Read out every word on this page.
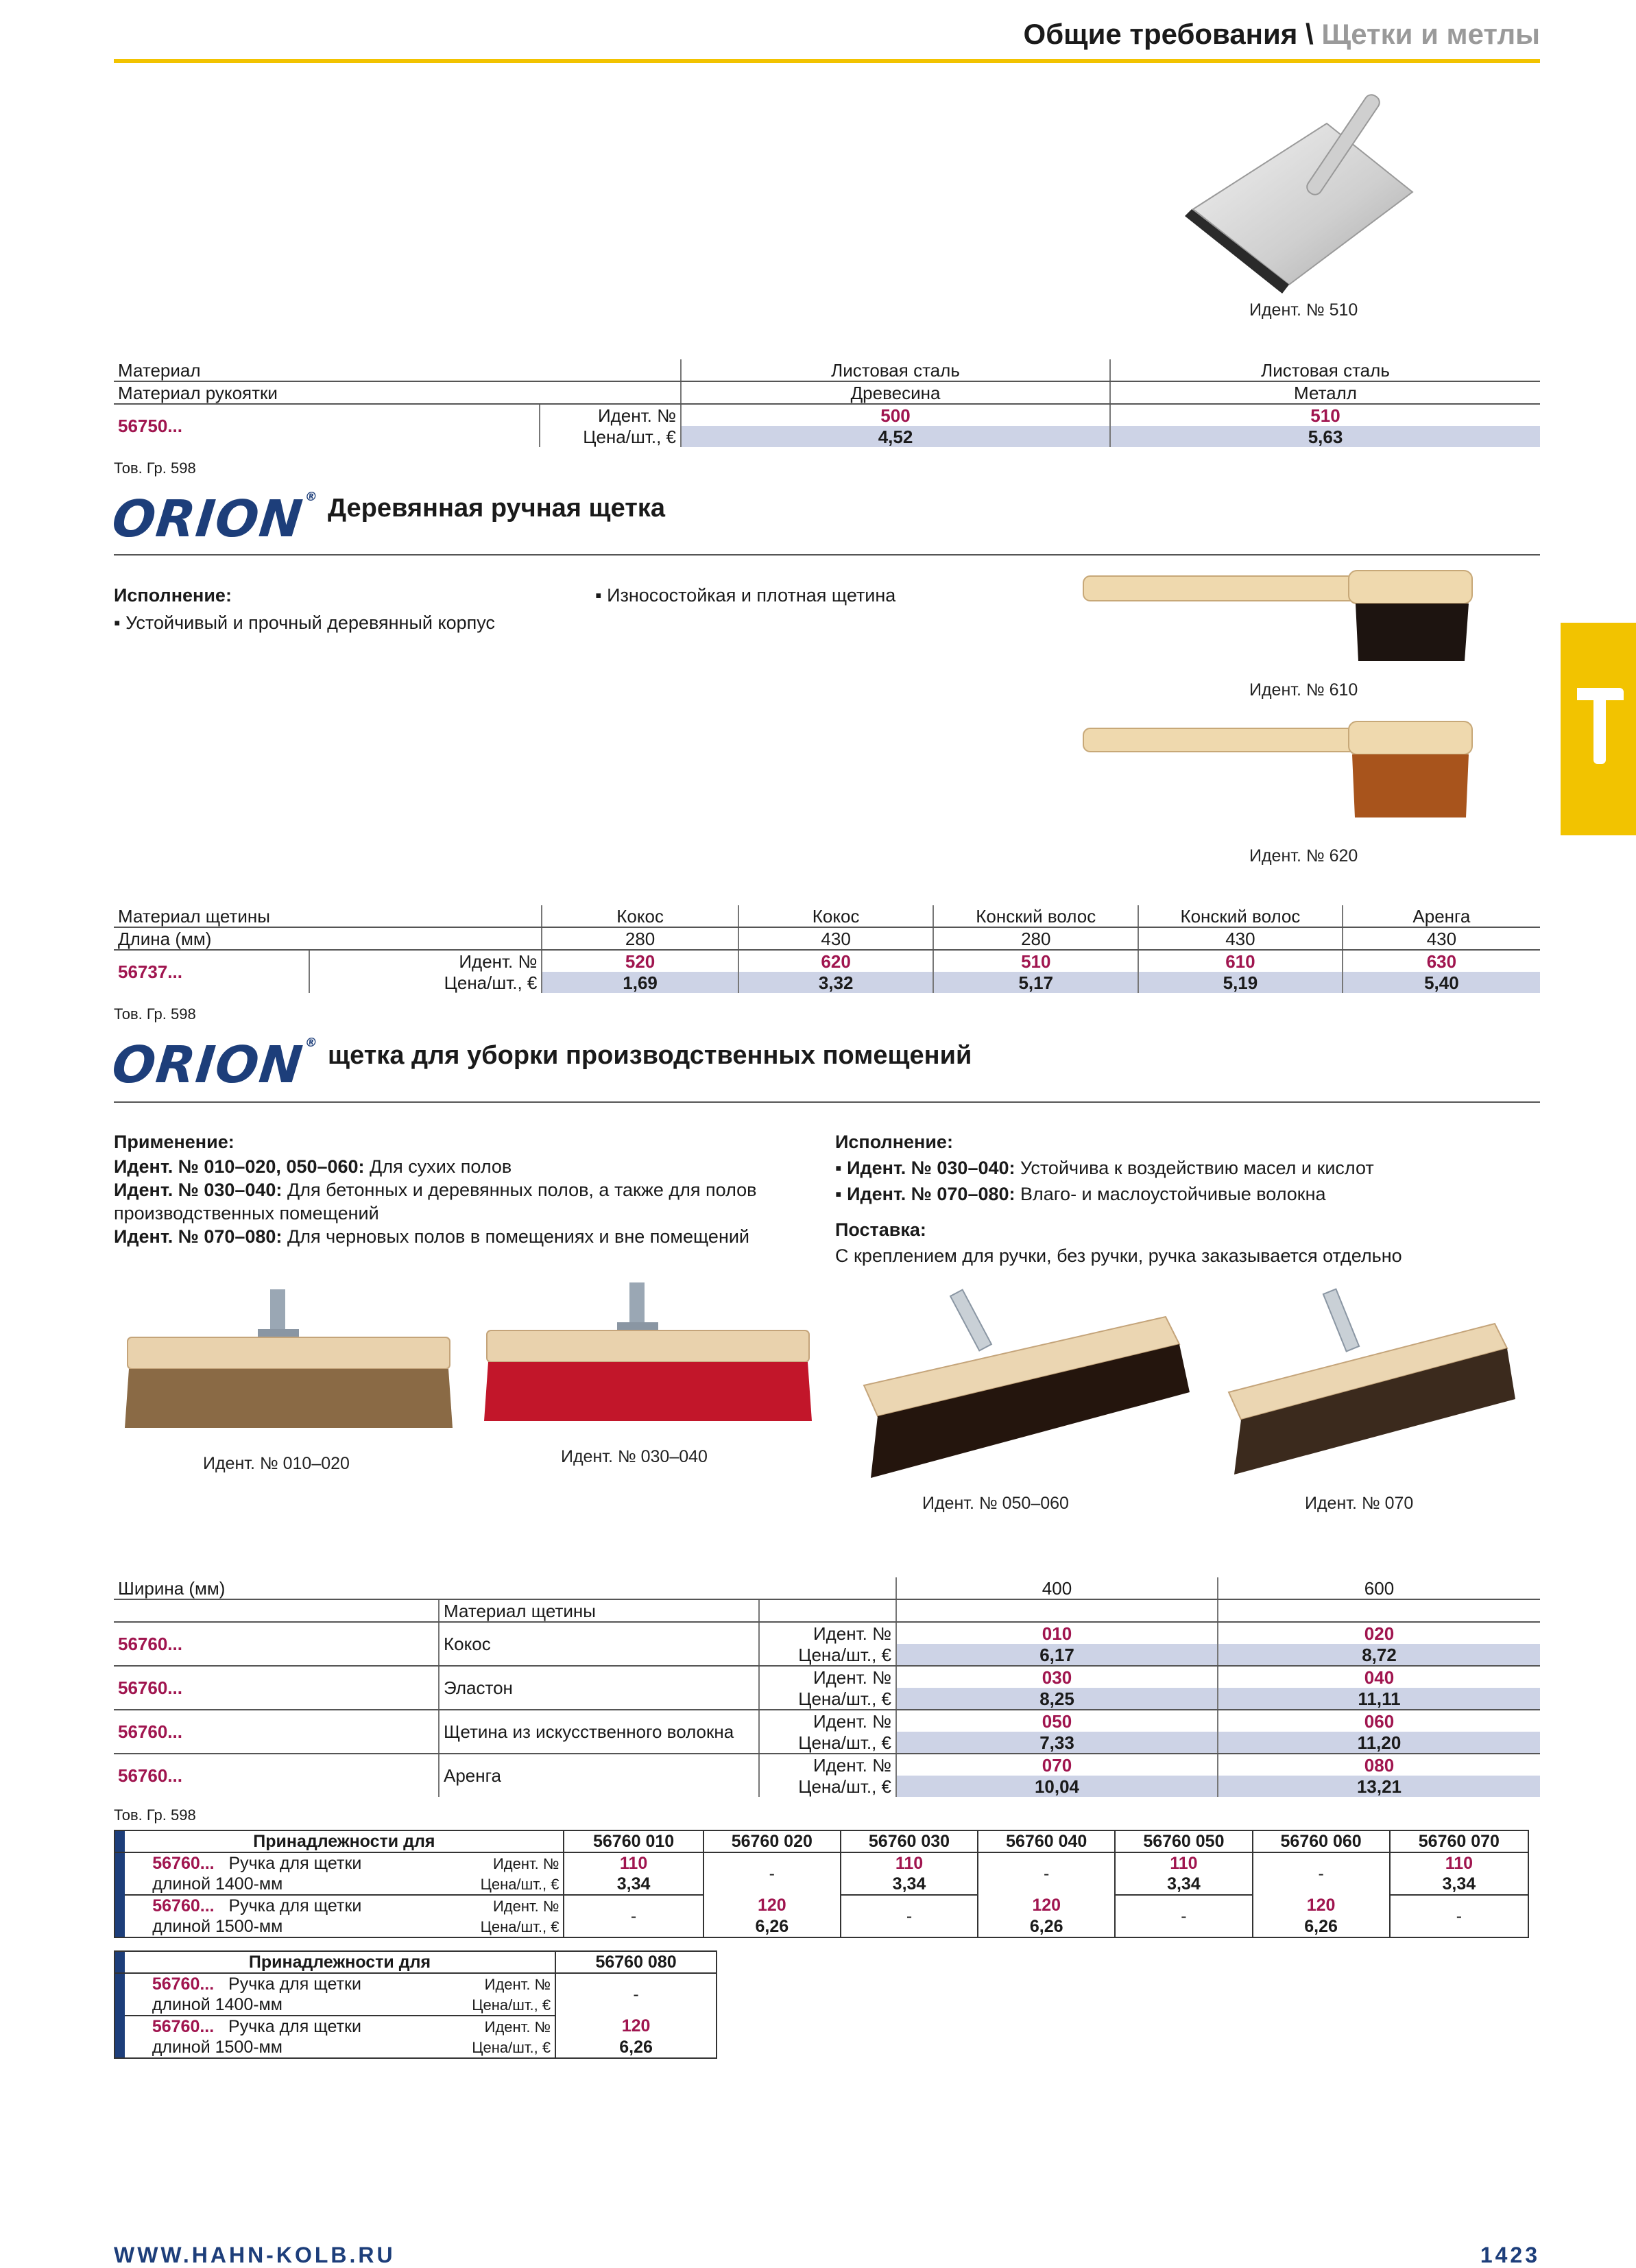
Общие требования \ Щетки и метлы
Идент. № 510
Материал		Листовая сталь	Листовая сталь
Материал рукоятки		Древесина	Металл
56750...	Идент. №	500	510
	Цена/шт., €	4,52	5,63
Тов. Гр. 598
ORION® Деревянная ручная щетка
Исполнение:
▪ Устойчивый и прочный деревянный корпус
▪ Износостойкая и плотная щетина
Идент. № 610
Идент. № 620
Материал щетины		Кокос	Кокос	Конский волос	Конский волос	Аренга
Длина (мм)		280	430	280	430	430
56737...	Идент. №	520	620	510	610	630
	Цена/шт., €	1,69	3,32	5,17	5,19	5,40
Тов. Гр. 598
ORION® щетка для уборки производственных помещений
Применение:
Идент. № 010–020, 050–060: Для сухих полов
Идент. № 030–040: Для бетонных и деревянных полов, а также для полов производственных помещений
Идент. № 070–080: Для черновых полов в помещениях и вне помещений
Исполнение:
▪ Идент. № 030–040: Устойчива к воздействию масел и кислот
▪ Идент. № 070–080: Влаго- и маслоустойчивые волокна
Поставка:
С креплением для ручки, без ручки, ручка заказывается отдельно
Идент. № 010–020	Идент. № 030–040
Идент. № 050–060	Идент. № 070
Ширина (мм)			400	600
	Материал щетины			
56760...	Кокос	Идент. №	010	020
		Цена/шт., €	6,17	8,72
56760...	Эластон	Идент. №	030	040
		Цена/шт., €	8,25	11,11
56760...	Щетина из искусственного волокна	Идент. №	050	060
		Цена/шт., €	7,33	11,20
56760...	Аренга	Идент. №	070	080
		Цена/шт., €	10,04	13,21
Тов. Гр. 598
	Принадлежности для		56760 010	56760 020	56760 030	56760 040	56760 050	56760 060	56760 070
	56760... Ручка для щетки	Идент. №	110	-	110	-	110	-	110
	длиной 1400-мм	Цена/шт., €	3,34		3,34		3,34		3,34
	56760... Ручка для щетки	Идент. №	-	120	-	120	-	120	-
	длиной 1500-мм	Цена/шт., €		6,26		6,26		6,26	
	Принадлежности для		56760 080
	56760... Ручка для щетки	Идент. №	-
	длиной 1400-мм	Цена/шт., €	
	56760... Ручка для щетки	Идент. №	120
	длиной 1500-мм	Цена/шт., €	6,26
WWW.HAHN-KOLB.RU	1423
